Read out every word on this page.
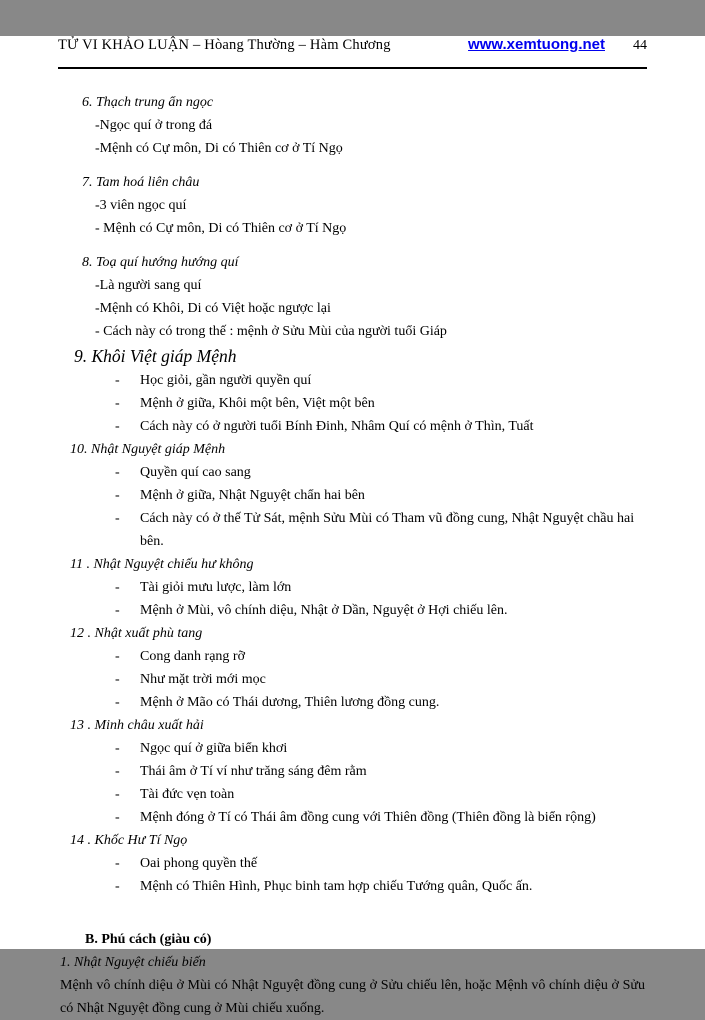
TỬ VI KHẢO LUẬN – Hòang Thường – Hàm Chương	www.xemtuong.net 44
6. Thạch trung ẩn ngọc
-Ngọc quí ở trong đá
-Mệnh có Cự môn, Di có Thiên cơ ở Tí Ngọ
7. Tam hoá liên châu
-3 viên ngọc quí
- Mệnh có Cự môn, Di có Thiên cơ ở Tí Ngọ
8. Toạ quí hướng hướng quí
-Là người sang quí
-Mệnh có Khôi, Di có Việt hoặc ngược lại
- Cách này có trong thế : mệnh ở Sửu Mùi của người tuổi Giáp
9. Khôi Việt giáp Mệnh
-	Học giỏi, gần người quyền quí
-	Mệnh ở giữa, Khôi một bên, Việt một bên
-	Cách này có ở người tuổi Bính Đinh, Nhâm Quí có mệnh ở Thìn, Tuất
10. Nhật Nguyệt giáp Mệnh
-	Quyền quí cao sang
-	Mệnh ở giữa, Nhật Nguyệt chẩn hai bên
-	Cách này có ở thế Tử Sát, mệnh Sửu Mùi có Tham vũ đồng cung, Nhật Nguyệt chầu hai bên.
11 . Nhật Nguyệt chiếu hư không
-	Tài giỏi mưu lược, làm lớn
-	Mệnh ở Mùi, vô chính diệu, Nhật ở Dần, Nguyệt ở Hợi chiếu lên.
12 . Nhật xuất phù tang
-	Cong danh rạng rỡ
-	Như mặt trời mới mọc
-	Mệnh ở Mão có Thái dương, Thiên lương đồng cung.
13 . Minh châu xuất hải
-	Ngọc quí ở giữa biển khơi
-	Thái âm ở Tí ví như trăng sáng đêm rằm
-	Tài đức vẹn toàn
-	Mệnh đóng ở Tí có Thái âm đồng cung với Thiên đồng (Thiên đồng là biển rộng)
14 . Khốc Hư Tí Ngọ
-	Oai phong quyền thế
-	Mệnh có Thiên Hình, Phục binh tam hợp chiếu Tướng quân, Quốc ấn.
B. Phú cách (giàu có)
1. Nhật Nguyệt chiếu biến
Mệnh vô chính diệu ở Mùi có Nhật Nguyệt đồng cung ở Sửu chiếu lên, hoặc Mệnh vô chính diệu ở Sửu có Nhật Nguyệt đồng cung ở Mùi chiếu xuống.
